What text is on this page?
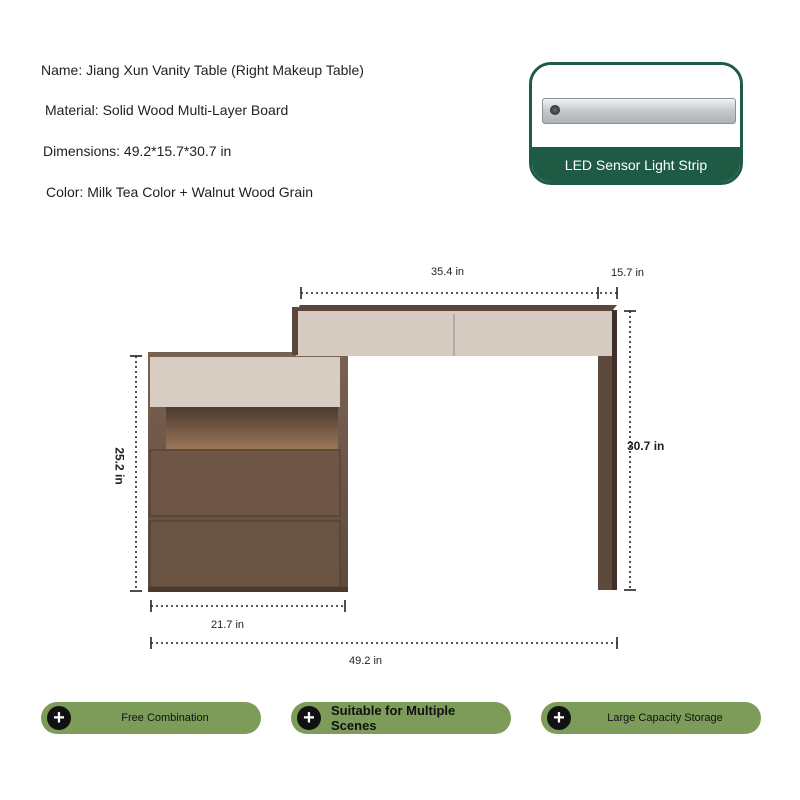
Name: Jiang Xun Vanity Table (Right Makeup Table)
Material: Solid Wood Multi-Layer Board
Dimensions: 49.2*15.7*30.7 in
Color: Milk Tea Color + Walnut Wood Grain
LED Sensor Light Strip
35.4 in	15.7 in
30.7 in
25.2 in
21.7 in
49.2 in
+	Free Combination	+	Suitable for Multiple Scenes	+	Large Capacity Storage
